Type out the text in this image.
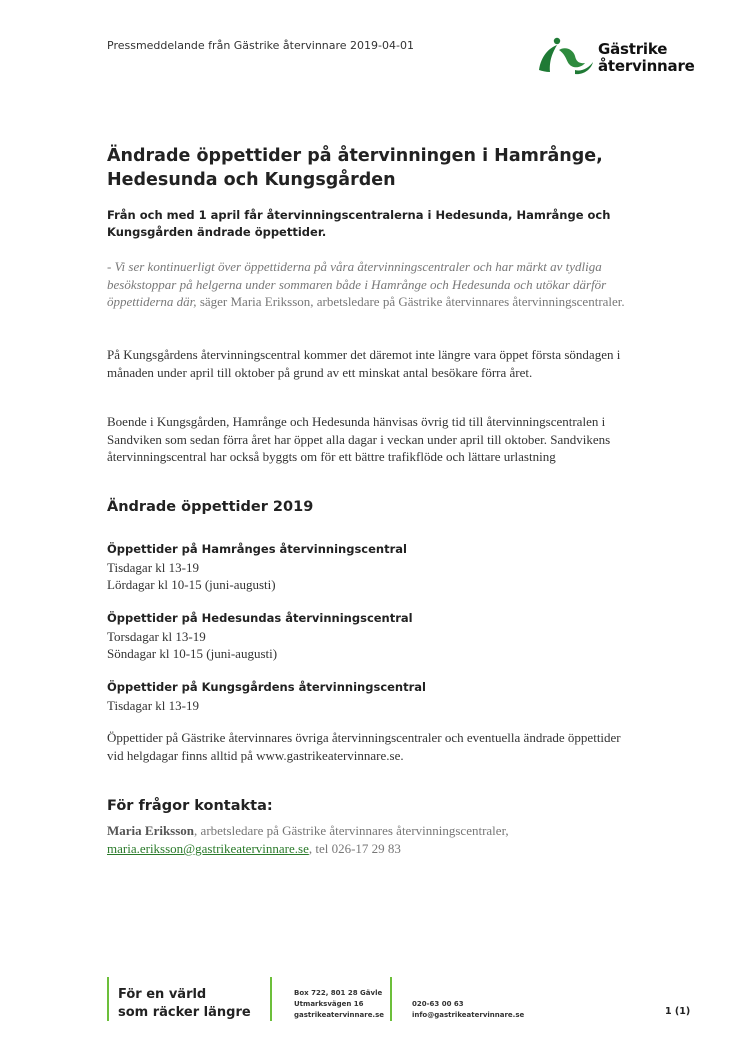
Pressmeddelande från Gästrike återvinnare 2019-04-01	Gästrike
återvinnare
Ändrade öppettider på återvinningen i Hamrånge, Hedesunda och Kungsgården
Från och med 1 april får återvinningscentralerna i Hedesunda, Hamrånge och Kungsgården ändrade öppettider.
- Vi ser kontinuerligt över öppettiderna på våra återvinningscentraler och har märkt av tydliga besökstoppar på helgerna under sommaren både i Hamrånge och Hedesunda och utökar därför öppettiderna där, säger Maria Eriksson, arbetsledare på Gästrike återvinnares återvinningscentraler.
På Kungsgårdens återvinningscentral kommer det däremot inte längre vara öppet första söndagen i månaden under april till oktober på grund av ett minskat antal besökare förra året.
Boende i Kungsgården, Hamrånge och Hedesunda hänvisas övrig tid till återvinningscentralen i Sandviken som sedan förra året har öppet alla dagar i veckan under april till oktober. Sandvikens återvinningscentral har också byggts om för ett bättre trafikflöde och lättare urlastning
Ändrade öppettider 2019
Öppettider på Hamrånges återvinningscentral
Tisdagar kl 13-19
Lördagar kl 10-15 (juni-augusti)
Öppettider på Hedesundas återvinningscentral
Torsdagar kl 13-19
Söndagar kl 10-15 (juni-augusti)
Öppettider på Kungsgårdens återvinningscentral
Tisdagar kl 13-19
Öppettider på Gästrike återvinnares övriga återvinningscentraler och eventuella ändrade öppettider vid helgdagar finns alltid på www.gastrikeatervinnare.se.
För frågor kontakta:
Maria Eriksson, arbetsledare på Gästrike återvinnares återvinningscentraler,
maria.eriksson@gastrikeatervinnare.se, tel 026-17 29 83
För en värld
som räcker längre
Box 722, 801 28 Gävle
Utmarksvägen 16
gastrikeatervinnare.se
020-63 00 63
info@gastrikeatervinnare.se	1 (1)
